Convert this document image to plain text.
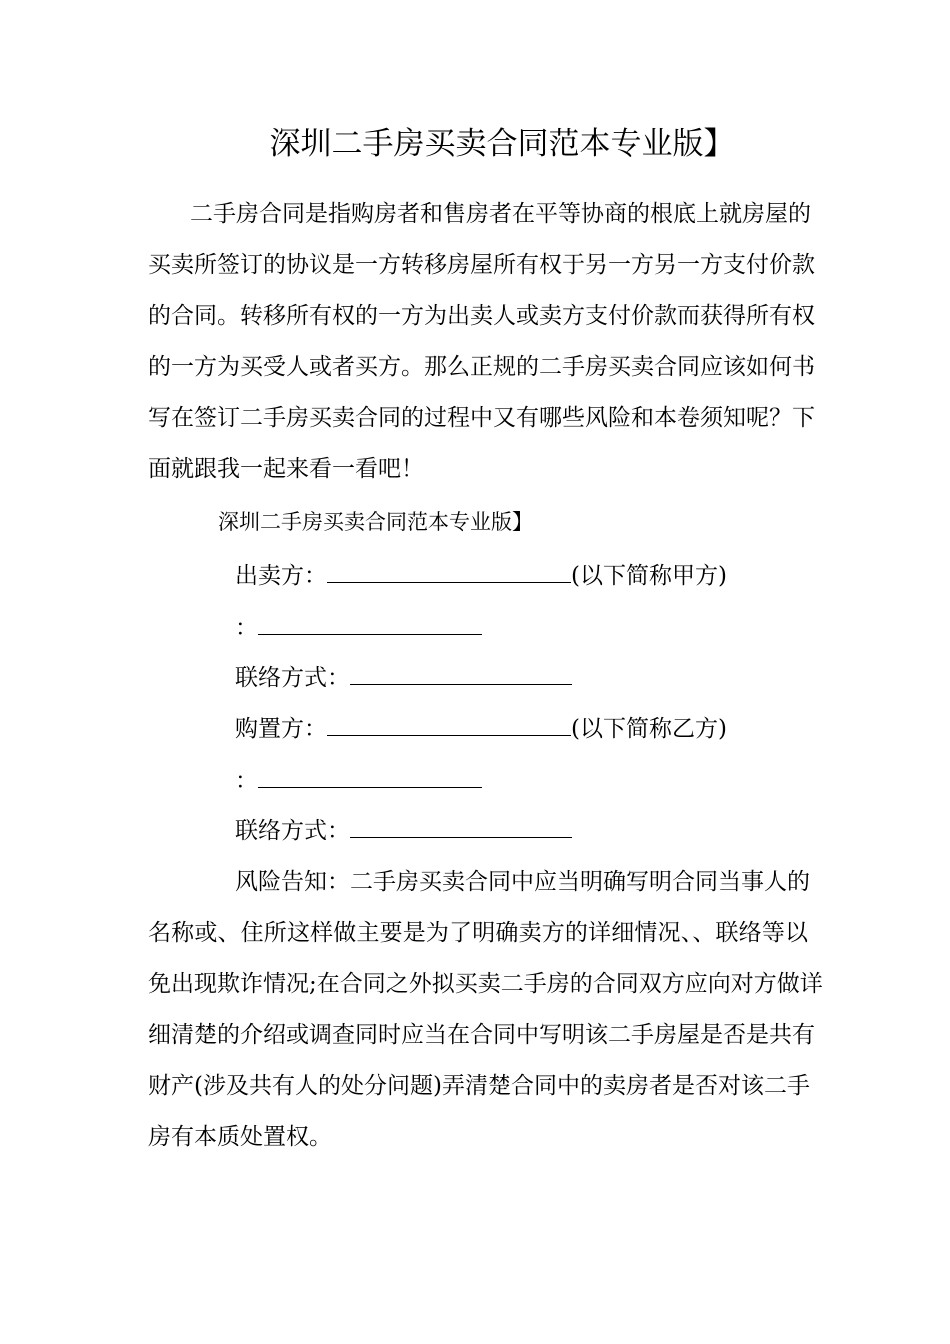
深圳二手房买卖合同范本专业版】
二手房合同是指购房者和售房者在平等协商的根底上就房屋的
买卖所签订的协议是一方转移房屋所有权于另一方另一方支付价款
的合同。转移所有权的一方为出卖人或卖方支付价款而获得所有权
的一方为买受人或者买方。那么正规的二手房买卖合同应该如何书
写在签订二手房买卖合同的过程中又有哪些风险和本卷须知呢？下
面就跟我一起来看一看吧！
深圳二手房买卖合同范本专业版】
出卖方：	(以下简称甲方)
：
联络方式：
购置方：	(以下简称乙方)
：
联络方式：
风险告知：二手房买卖合同中应当明确写明合同当事人的
名称或、住所这样做主要是为了明确卖方的详细情况、、联络等以
免出现欺诈情况;在合同之外拟买卖二手房的合同双方应向对方做详
细清楚的介绍或调查同时应当在合同中写明该二手房屋是否是共有
财产(涉及共有人的处分问题)弄清楚合同中的卖房者是否对该二手
房有本质处置权。
